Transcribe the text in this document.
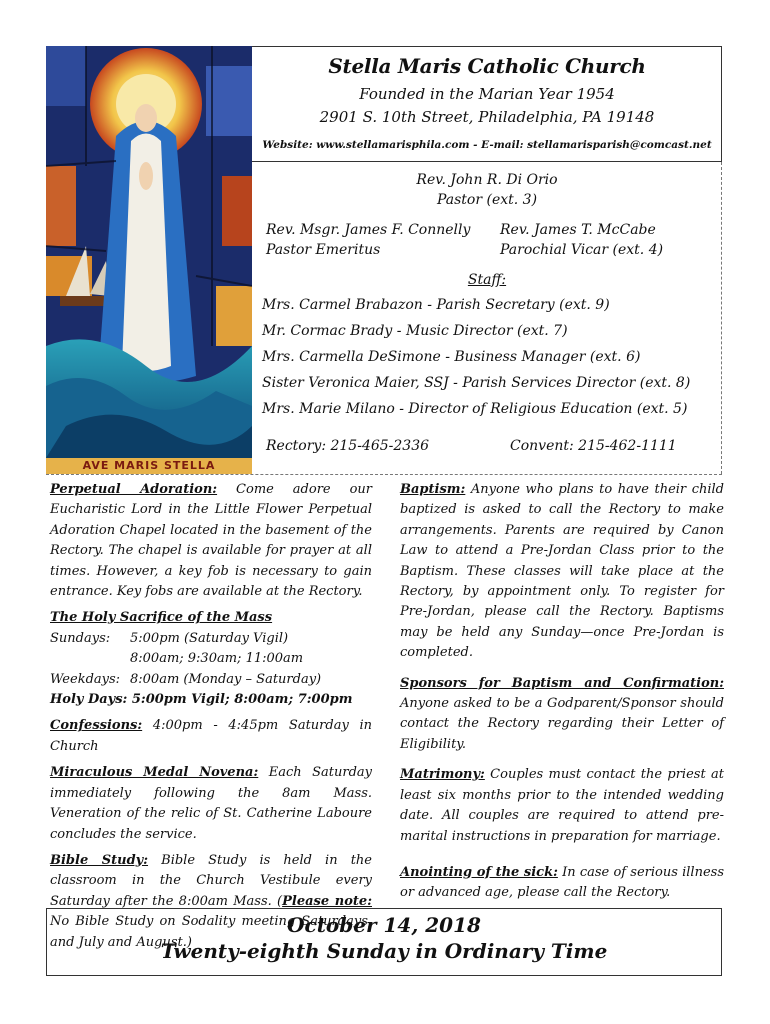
AVE MARIS STELLA
Stella Maris Catholic Church
Founded in the Marian Year 1954
2901 S. 10th Street, Philadelphia, PA 19148
Website: www.stellamarisphila.com - E-mail: stellamarisparish@comcast.net
Rev. John R. Di Orio
Pastor (ext. 3)
Rev. Msgr. James F. Connelly
Pastor Emeritus
Rev. James T. McCabe
Parochial Vicar (ext. 4)
Staff:
Mrs. Carmel Brabazon - Parish Secretary (ext. 9)
Mr. Cormac Brady - Music Director (ext. 7)
Mrs. Carmella DeSimone - Business Manager (ext. 6)
Sister Veronica Maier, SSJ - Parish Services Director (ext. 8)
Mrs. Marie Milano - Director of Religious Education (ext. 5)
Rectory: 215-465-2336	Convent: 215-462-1111

Perpetual Adoration: Come adore our Eucharistic Lord in the Little Flower Perpetual Adoration Chapel located in the basement of the Rectory. The chapel is available for prayer at all times. However, a key fob is necessary to gain entrance. Key fobs are available at the Rectory.

The Holy Sacrifice of the Mass

Sundays:	5:00pm (Saturday Vigil)
8:00am; 9:30am; 11:00am
Weekdays: 8:00am (Monday – Saturday)
Holy Days: 5:00pm Vigil; 8:00am; 7:00pm

Confessions: 4:00pm - 4:45pm Saturday in Church

Miraculous Medal Novena: Each Saturday immediately following the 8am Mass. Veneration of the relic of St. Catherine Laboure concludes the service.

Bible Study: Bible Study is held in the classroom in the Church Vestibule every Saturday after the 8:00am Mass. (Please note: No Bible Study on Sodality meeting Saturdays, and July and August.)

Baptism: Anyone who plans to have their child baptized is asked to call the Rectory to make arrangements. Parents are required by Canon Law to attend a Pre-Jordan Class prior to the Baptism. These classes will take place at the Rectory, by appointment only. To register for Pre-Jordan, please call the Rectory. Baptisms may be held any Sunday—once Pre-Jordan is completed.

Sponsors for Baptism and Confirmation: Anyone asked to be a Godparent/Sponsor should contact the Rectory regarding their Letter of Eligibility.

Matrimony: Couples must contact the priest at least six months prior to the intended wedding date. All couples are required to attend pre-marital instructions in preparation for marriage.

Anointing of the sick: In case of serious illness or advanced age, please call the Rectory.

October 14, 2018
Twenty-eighth Sunday in Ordinary Time
